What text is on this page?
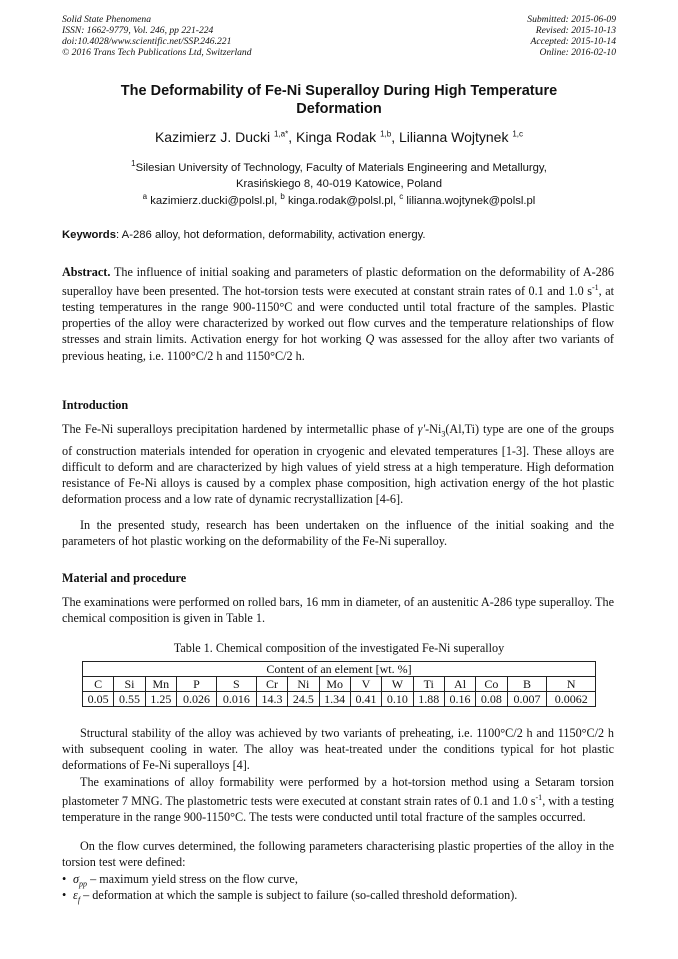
Solid State Phenomena
ISSN: 1662-9779, Vol. 246, pp 221-224
doi:10.4028/www.scientific.net/SSP.246.221
© 2016 Trans Tech Publications Ltd, Switzerland
Submitted: 2015-06-09
Revised: 2015-10-13
Accepted: 2015-10-14
Online: 2016-02-10
The Deformability of Fe-Ni Superalloy During High Temperature
Deformation
Kazimierz J. Ducki $^{1,a*}$, Kinga Rodak $^{1,b}$, Lilianna Wojtynek $^{1,c}$
$^1$Silesian University of Technology, Faculty of Materials Engineering and Metallurgy,
Krasińskiego 8, 40-019 Katowice, Poland
$^a$ kazimierz.ducki@polsl.pl, $^b$ kinga.rodak@polsl.pl, $^c$ lilianna.wojtynek@polsl.pl
Keywords: A-286 alloy, hot deformation, deformability, activation energy.
Abstract. The influence of initial soaking and parameters of plastic deformation on the deformability of A-286 superalloy have been presented. The hot-torsion tests were executed at constant strain rates of 0.1 and 1.0 $s^{-1}$, at testing temperatures in the range 900-1150°C and were conducted until total fracture of the samples. Plastic properties of the alloy were characterized by worked out flow curves and the temperature relationships of flow stresses and strain limits. Activation energy for hot working Q was assessed for the alloy after two variants of previous heating, i.e. 1100°C/2 h and 1150°C/2 h.
Introduction
The Fe-Ni superalloys precipitation hardened by intermetallic phase of $\gamma'-Ni_3(Al,Ti)$ type are one of the groups of construction materials intended for operation in cryogenic and elevated temperatures [1-3]. These alloys are difficult to deform and are characterized by high values of yield stress at a high temperature. High deformation resistance of Fe-Ni alloys is caused by a complex phase composition, high activation energy of the hot plastic deformation process and a low rate of dynamic recrystallization [4-6].
In the presented study, research has been undertaken on the influence of the initial soaking and the parameters of hot plastic working on the deformability of the Fe-Ni superalloy.
Material and procedure
The examinations were performed on rolled bars, 16 mm in diameter, of an austenitic A-286 type superalloy. The chemical composition is given in Table 1.
Table 1. Chemical composition of the investigated Fe-Ni superalloy
Content of an element [wt. %]														
C	Si	Mn	P	S	Cr	Ni	Mo	V	W	Ti	Al	Co	B	N
0.05	0.55	1.25	0.026	0.016	14.3	24.5	1.34	0.41	0.10	1.88	0.16	0.08	0.007	0.0062
Structural stability of the alloy was achieved by two variants of preheating, i.e. 1100°C/2 h and 1150°C/2 h with subsequent cooling in water. The alloy was heat-treated under the conditions typical for hot plastic deformations of Fe-Ni superalloys [4].
The examinations of alloy formability were performed by a hot-torsion method using a Setaram torsion plastometer 7 MNG. The plastometric tests were executed at constant strain rates of 0.1 and 1.0 $s^{-1}$, with a testing temperature in the range 900-1150°C. The tests were conducted until total fracture of the samples occurred.
On the flow curves determined, the following parameters characterising plastic properties of the alloy in the torsion test were defined:
• $\sigma_{pp}$ – maximum yield stress on the flow curve,
• $\varepsilon_f$ – deformation at which the sample is subject to failure (so-called threshold deformation).
